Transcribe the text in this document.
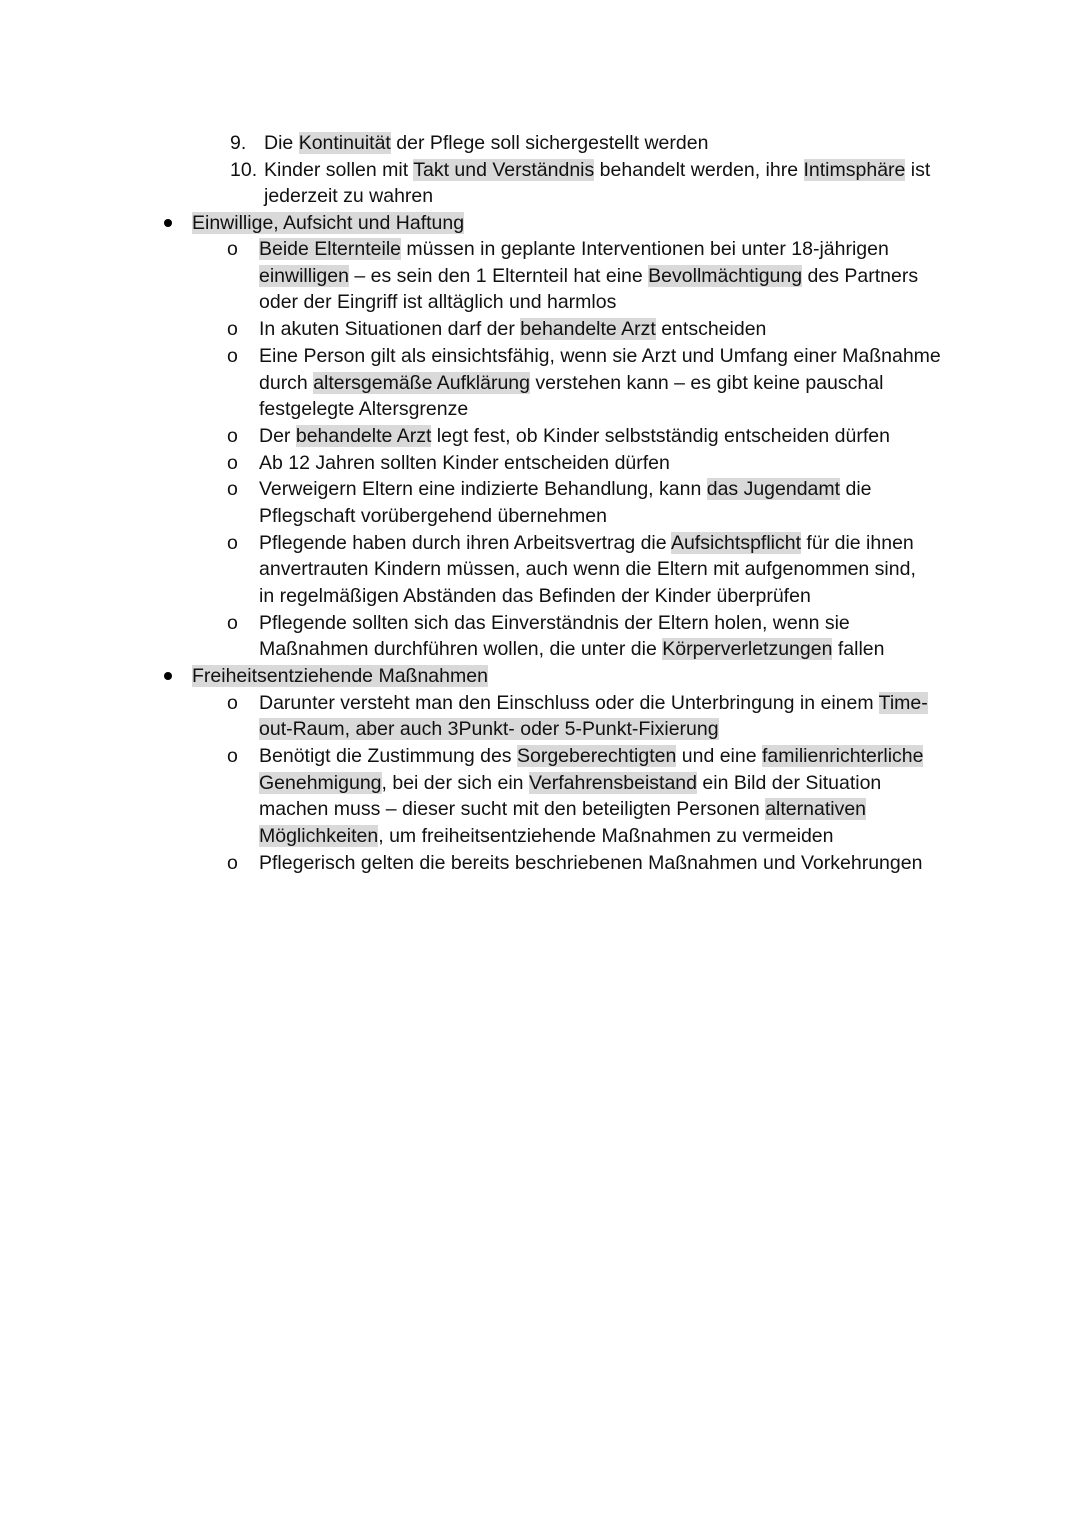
9. Die Kontinuität der Pflege soll sichergestellt werden
10. Kinder sollen mit Takt und Verständnis behandelt werden, ihre Intimsphäre ist
jederzeit zu wahren
Einwillige, Aufsicht und Haftung
o Beide Elternteile müssen in geplante Interventionen bei unter 18-jährigen
einwilligen – es sein den 1 Elternteil hat eine Bevollmächtigung des Partners
oder der Eingriff ist alltäglich und harmlos
o In akuten Situationen darf der behandelte Arzt entscheiden
o Eine Person gilt als einsichtsfähig, wenn sie Arzt und Umfang einer Maßnahme
durch altersgemäße Aufklärung verstehen kann – es gibt keine pauschal
festgelegte Altersgrenze
o Der behandelte Arzt legt fest, ob Kinder selbstständig entscheiden dürfen
o Ab 12 Jahren sollten Kinder entscheiden dürfen
o Verweigern Eltern eine indizierte Behandlung, kann das Jugendamt die
Pflegschaft vorübergehend übernehmen
o Pflegende haben durch ihren Arbeitsvertrag die Aufsichtspflicht für die ihnen
anvertrauten Kindern müssen, auch wenn die Eltern mit aufgenommen sind,
in regelmäßigen Abständen das Befinden der Kinder überprüfen
o Pflegende sollten sich das Einverständnis der Eltern holen, wenn sie
Maßnahmen durchführen wollen, die unter die Körperverletzungen fallen
Freiheitsentziehende Maßnahmen
o Darunter versteht man den Einschluss oder die Unterbringung in einem Time-
out-Raum, aber auch 3Punkt- oder 5-Punkt-Fixierung
o Benötigt die Zustimmung des Sorgeberechtigten und eine familienrichterliche
Genehmigung, bei der sich ein Verfahrensbeistand ein Bild der Situation
machen muss – dieser sucht mit den beteiligten Personen alternativen
Möglichkeiten, um freiheitsentziehende Maßnahmen zu vermeiden
o Pflegerisch gelten die bereits beschriebenen Maßnahmen und Vorkehrungen
